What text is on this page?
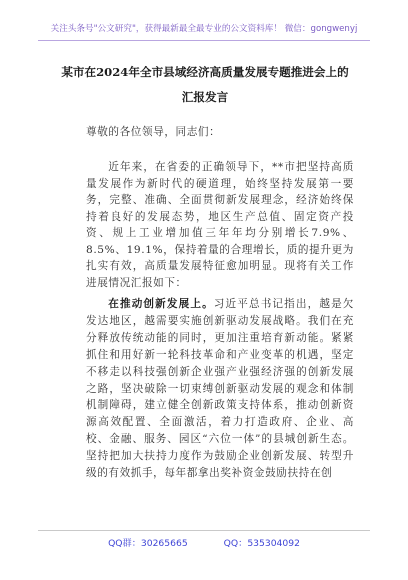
关注头条号"公文研究"，获得最新最全最专业的公文资料库！ 微信：gongwenyj
某市在2024年全市县域经济高质量发展专题推进会上的汇报发言
尊敬的各位领导，同志们：
近年来，在省委的正确领导下，**市把坚持高质量发展作为新时代的硬道理，始终坚持发展第一要务，完整、准确、全面贯彻新发展理念，经济始终保持着良好的发展态势，地区生产总值、固定资产投资、规上工业增加值三年年均分别增长7.9%、8.5%、19.1%，保持着量的合理增长，质的提升更为扎实有效，高质量发展特征愈加明显。现将有关工作进展情况汇报如下：
在推动创新发展上。习近平总书记指出，越是欠发达地区，越需要实施创新驱动发展战略。我们在充分释放传统动能的同时，更加注重培育新动能。紧紧抓住和用好新一轮科技革命和产业变革的机遇，坚定不移走以科技强创新企业强产业强经济强的创新发展之路，坚决破除一切束缚创新驱动发展的观念和体制机制障碍，建立健全创新政策支持体系，推动创新资源高效配置、全面激活，着力打造政府、企业、高校、金融、服务、园区“六位一体”的县城创新生态。坚持把加大扶持力度作为鼓励企业创新发展、转型升级的有效抓手，每年都拿出奖补资金鼓励扶持在创
QQ群：30265665	QQ：535304092
